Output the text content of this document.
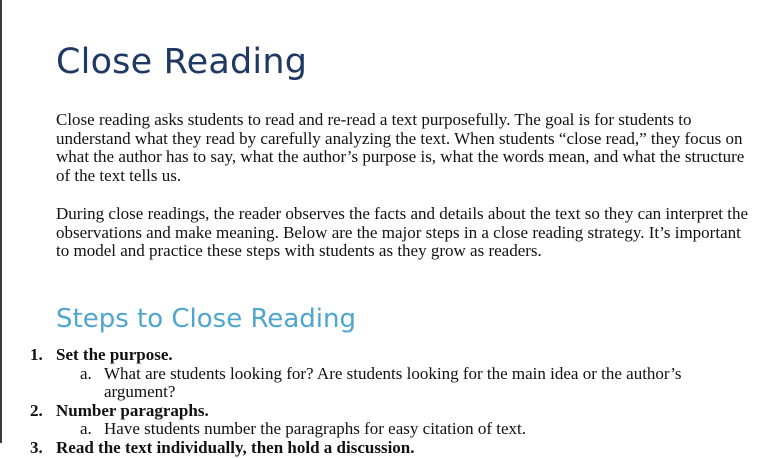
Close Reading

Close reading asks students to read and re-read a text purposefully. The goal is for students to understand what they read by carefully analyzing the text. When students “close read,” they focus on what the author has to say, what the author’s purpose is, what the words mean, and what the structure of the text tells us.

During close readings, the reader observes the facts and details about the text so they can interpret the observations and make meaning. Below are the major steps in a close reading strategy. It’s important to model and practice these steps with students as they grow as readers.

Steps to Close Reading
1. Set the purpose.
a. What are students looking for? Are students looking for the main idea or the author’s argument?
2. Number paragraphs.
a. Have students number the paragraphs for easy citation of text.
3. Read the text individually, then hold a discussion.
